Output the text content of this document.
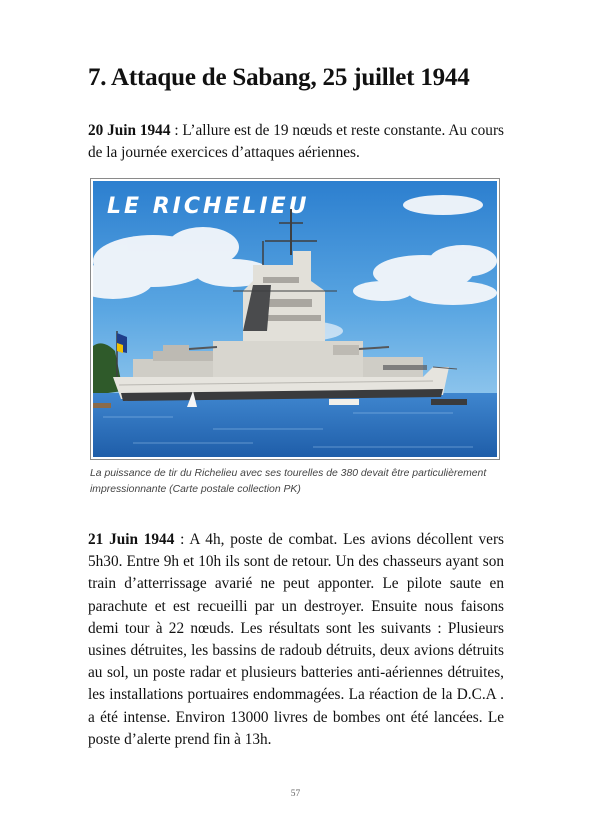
7. Attaque de Sabang, 25 juillet 1944

20 Juin 1944 : L’allure est de 19 nœuds et reste constante. Au cours de la journée exercices d’attaques aériennes.

LE RICHELIEU

La puissance de tir du Richelieu avec ses tourelles de 380 devait être particulièrement impressionnante (Carte postale collection PK)

21 Juin 1944 : A 4h, poste de combat. Les avions décollent vers 5h30. Entre 9h et 10h ils sont de retour. Un des chasseurs ayant son train d’atterrissage avarié ne peut apponter. Le pilote saute en parachute et est recueilli par un destroyer. Ensuite nous faisons demi tour à 22 nœuds. Les résultats sont les suivants : Plusieurs usines détruites, les bassins de radoub détruits, deux avions détruits au sol, un poste radar et plusieurs batteries anti-aériennes détruites, les installations portuaires endommagées. La réaction de la D.C.A . a été intense. Environ 13000 livres de bombes ont été lancées. Le poste d’alerte prend fin à 13h.

57
